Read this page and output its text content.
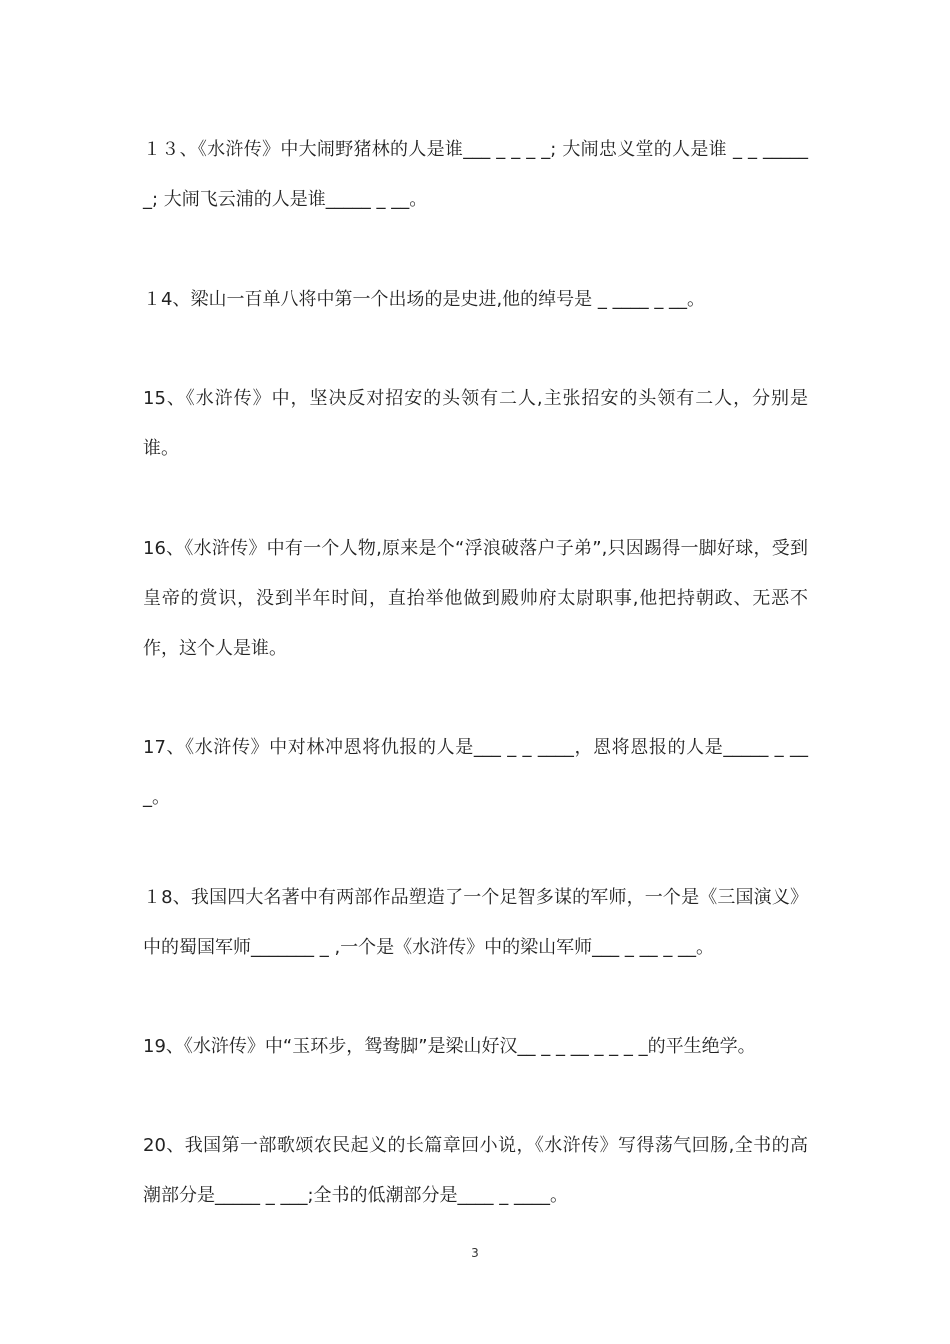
１３、《水浒传》中大闹野猪林的人是谁___ _ _ _ _; 大闹忠义堂的人是谁 _ _ ______; 大闹飞云浦的人是谁_____ _ __。

１4、梁山一百单八将中第一个出场的是史进,他的绰号是 _ ____ _ __。

15、《水浒传》中，坚决反对招安的头领有二人,主张招安的头领有二人，分别是谁。

16、《水浒传》中有一个人物,原来是个“浮浪破落户子弟”,只因踢得一脚好球，受到皇帝的赏识，没到半年时间，直抬举他做到殿帅府太尉职事,他把持朝政、无恶不作，这个人是谁。

17、《水浒传》中对林冲恩将仇报的人是___ _ _ ____，恩将恩报的人是_____ _ ___。

１8、我国四大名著中有两部作品塑造了一个足智多谋的军师，一个是《三国演义》中的蜀国军师_______ _ ,一个是《水浒传》中的梁山军师___ _ __ _ __。

19、《水浒传》中“玉环步，鸳鸯脚”是梁山好汉__ _ _ __ _ _ _ _的平生绝学。

20、我国第一部歌颂农民起义的长篇章回小说，《水浒传》写得荡气回肠,全书的高潮部分是_____ _ ___;全书的低潮部分是____ _ ____。

3
